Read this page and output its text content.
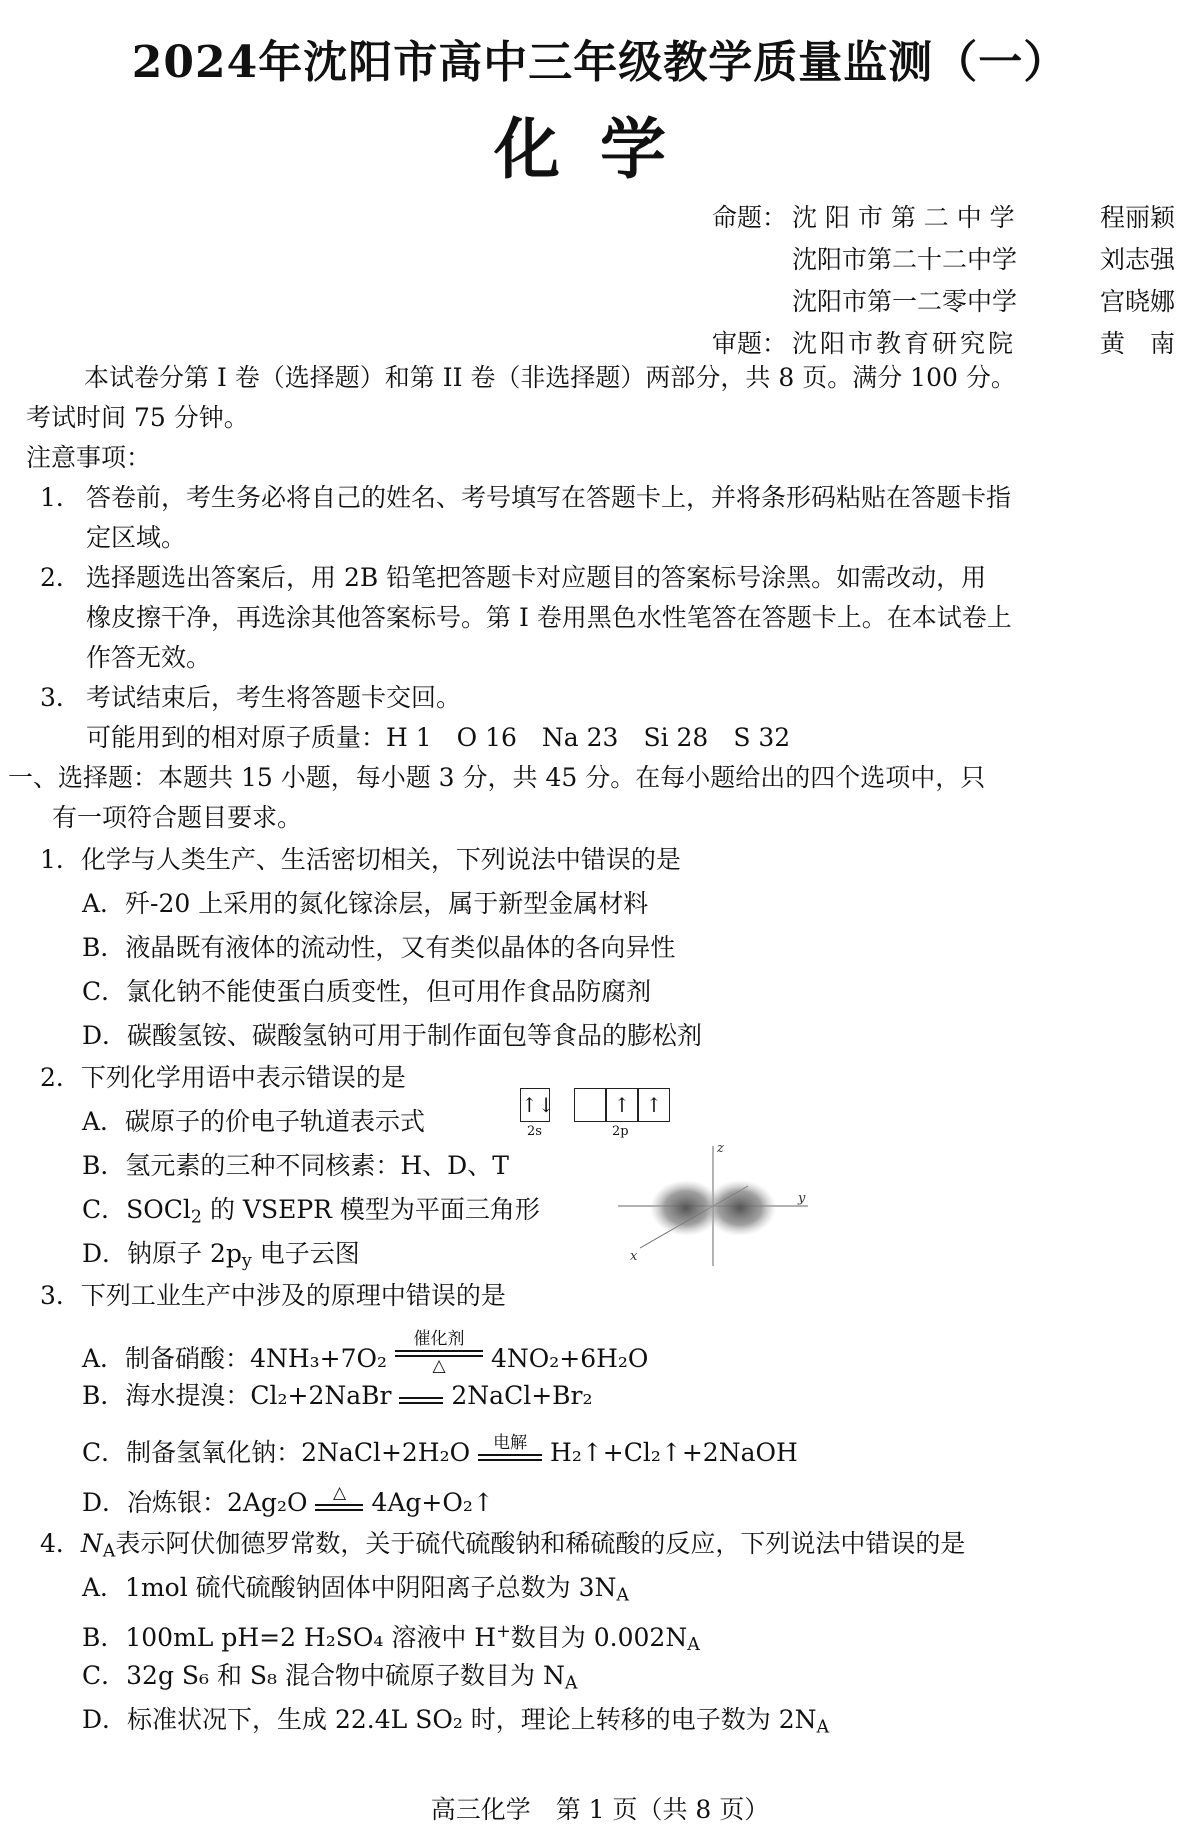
2024年沈阳市高中三年级教学质量监测（一）
化学
命题： 沈 阳 市 第 二 中 学	程丽颖
沈阳市第二十二中学	刘志强
沈阳市第一二零中学	宫晓娜
审题： 沈阳市教育研究院	黄　南
本试卷分第 I 卷（选择题）和第 II 卷（非选择题）两部分，共 8 页。满分 100 分。
考试时间 75 分钟。
注意事项：
1． 答卷前，考生务必将自己的姓名、考号填写在答题卡上，并将条形码粘贴在答题卡指
定区域。
2． 选择题选出答案后，用 2B 铅笔把答题卡对应题目的答案标号涂黑。如需改动，用
橡皮擦干净，再选涂其他答案标号。第 I 卷用黑色水性笔答在答题卡上。在本试卷上
作答无效。
3． 考试结束后，考生将答题卡交回。
可能用到的相对原子质量：H 1　O 16　Na 23　Si 28　S 32
一、选择题：本题共 15 小题，每小题 3 分，共 45 分。在每小题给出的四个选项中，只
有一项符合题目要求。
1．化学与人类生产、生活密切相关，下列说法中错误的是
A．歼-20 上采用的氮化镓涂层，属于新型金属材料
B．液晶既有液体的流动性，又有类似晶体的各向异性
C．氯化钠不能使蛋白质变性，但可用作食品防腐剂
D．碳酸氢铵、碳酸氢钠可用于制作面包等食品的膨松剂
2．下列化学用语中表示错误的是
A．碳原子的价电子轨道表示式
↑↓
2s
↑ ↑
2p
B．氢元素的三种不同核素：H、D、T
C．SOCl$_2$ 的 VSEPR 模型为平面三角形
D．钠原子 $2p_y$ 电子云图
z
y
x
3．下列工业生产中涉及的原理中错误的是
A．制备硝酸：4NH₃+7O₂
催化剂
△	4NO₂+6H₂O
B．海水提溴：Cl₂+2NaBr 2NaCl+Br₂
C．制备氢氧化钠：2NaCl+2H₂O	电解 H₂↑+Cl₂↑+2NaOH
D．冶炼银：2Ag₂O	△	4Ag+O₂↑
4．$N_A$表示阿伏伽德罗常数，关于硫代硫酸钠和稀硫酸的反应，下列说法中错误的是
A．1mol 硫代硫酸钠固体中阴阳离子总数为 $3N_A$
B．100mL pH=2 H₂SO₄ 溶液中 H+数目为 $0.002N_A$
C．32g S₆ 和 S₈ 混合物中硫原子数目为 $N_A$
D．标准状况下，生成 22.4L SO₂ 时，理论上转移的电子数为 $2N_A$
高三化学　第 1 页（共 8 页）
